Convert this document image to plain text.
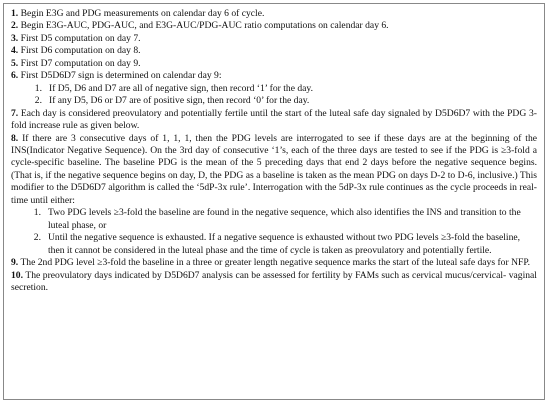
1. Begin E3G and PDG measurements on calendar day 6 of cycle.

2. Begin E3G-AUC, PDG-AUC, and E3G-AUC/PDG-AUC ratio computations on calendar day 6.

3. First D5 computation on day 7.

4. First D6 computation on day 8.

5. First D7 computation on day 9.

6. First D5D6D7 sign is determined on calendar day 9:

1. If D5, D6 and D7 are all of negative sign, then record ‘1’ for the day.
2. If any D5, D6 or D7 are of positive sign, then record ‘0’ for the day.

7. Each day is considered preovulatory and potentially fertile until the start of the luteal safe day signaled by D5D6D7 with the PDG 3-fold increase rule as given below.

8. If there are 3 consecutive days of 1, 1, 1, then the PDG levels are interrogated to see if these days are at the beginning of the INS(Indicator Negative Sequence). On the 3rd day of consecutive ‘1’s, each of the three days are tested to see if the PDG is ≥3-fold a cycle-specific baseline. The baseline PDG is the mean of the 5 preceding days that end 2 days before the negative sequence begins. (That is, if the negative sequence begins on day, D, the PDG as a baseline is taken as the mean PDG on days D-2 to D-6, inclusive.) This modifier to the D5D6D7 algorithm is called the ‘5dP-3x rule’. Interrogation with the 5dP-3x rule continues as the cycle proceeds in real-time until either:

1. Two PDG levels ≥3-fold the baseline are found in the negative sequence, which also identifies the INS and transition to the luteal phase, or
2. Until the negative sequence is exhausted. If a negative sequence is exhausted without two PDG levels ≥3-fold the baseline, then it cannot be considered in the luteal phase and the time of cycle is taken as preovulatory and potentially fertile.

9. The 2nd PDG level ≥3-fold the baseline in a three or greater length negative sequence marks the start of the luteal safe days for NFP.

10. The preovulatory days indicated by D5D6D7 analysis can be assessed for fertility by FAMs such as cervical mucus/cervical- vaginal secretion.
